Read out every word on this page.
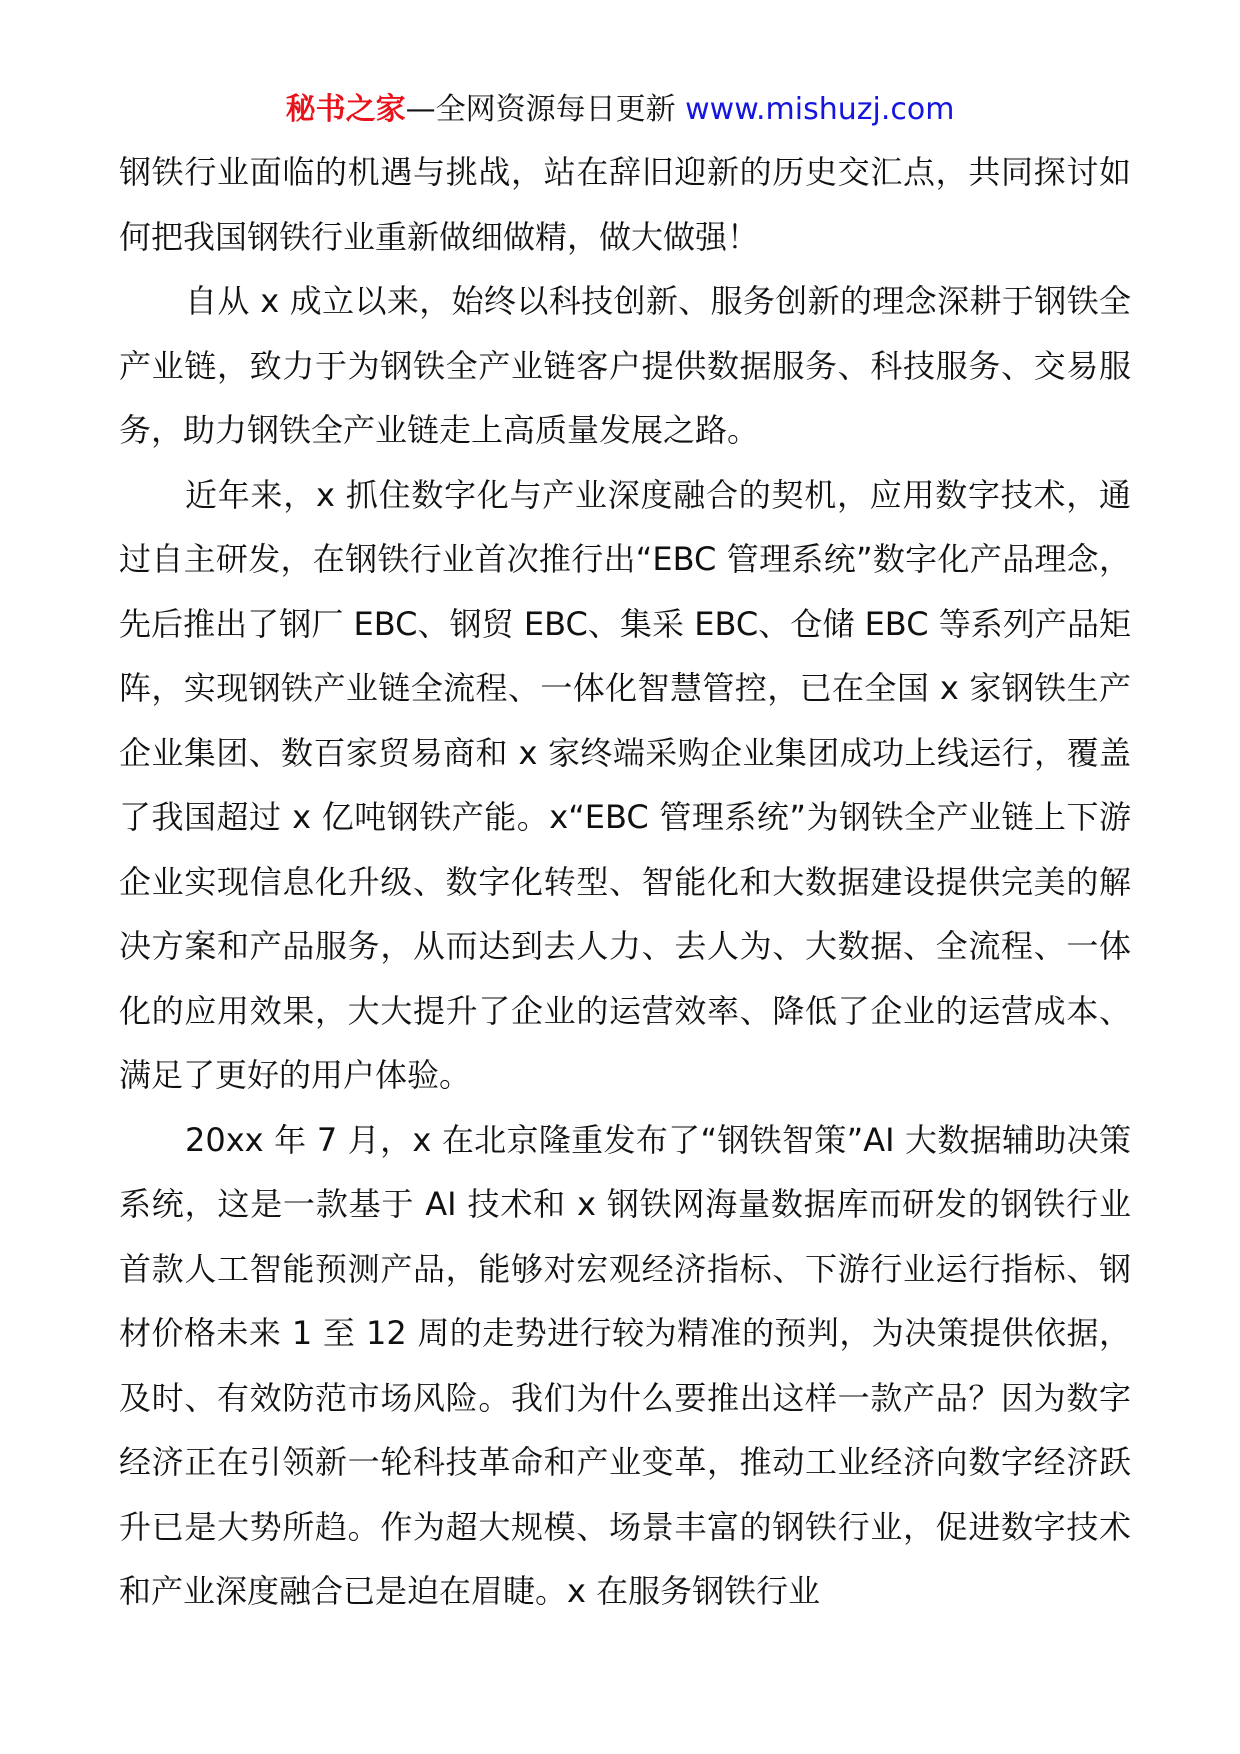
秘书之家—全网资源每日更新 www.mishuzj.com

钢铁行业面临的机遇与挑战，站在辞旧迎新的历史交汇点，共同探讨如何把我国钢铁行业重新做细做精，做大做强！

自从 x 成立以来，始终以科技创新、服务创新的理念深耕于钢铁全产业链，致力于为钢铁全产业链客户提供数据服务、科技服务、交易服务，助力钢铁全产业链走上高质量发展之路。

近年来，x 抓住数字化与产业深度融合的契机，应用数字技术，通过自主研发，在钢铁行业首次推行出“EBC 管理系统”数字化产品理念，先后推出了钢厂 EBC、钢贸 EBC、集采 EBC、仓储 EBC 等系列产品矩阵，实现钢铁产业链全流程、一体化智慧管控，已在全国 x 家钢铁生产企业集团、数百家贸易商和 x 家终端采购企业集团成功上线运行，覆盖了我国超过 x 亿吨钢铁产能。x“EBC 管理系统”为钢铁全产业链上下游企业实现信息化升级、数字化转型、智能化和大数据建设提供完美的解决方案和产品服务，从而达到去人力、去人为、大数据、全流程、一体化的应用效果，大大提升了企业的运营效率、降低了企业的运营成本、满足了更好的用户体验。

20xx 年 7 月，x 在北京隆重发布了“钢铁智策”AI 大数据辅助决策系统，这是一款基于 AI 技术和 x 钢铁网海量数据库而研发的钢铁行业首款人工智能预测产品，能够对宏观经济指标、下游行业运行指标、钢材价格未来 1 至 12 周的走势进行较为精准的预判，为决策提供依据，及时、有效防范市场风险。我们为什么要推出这样一款产品？因为数字经济正在引领新一轮科技革命和产业变革，推动工业经济向数字经济跃升已是大势所趋。作为超大规模、场景丰富的钢铁行业，促进数字技术和产业深度融合已是迫在眉睫。x 在服务钢铁行业
